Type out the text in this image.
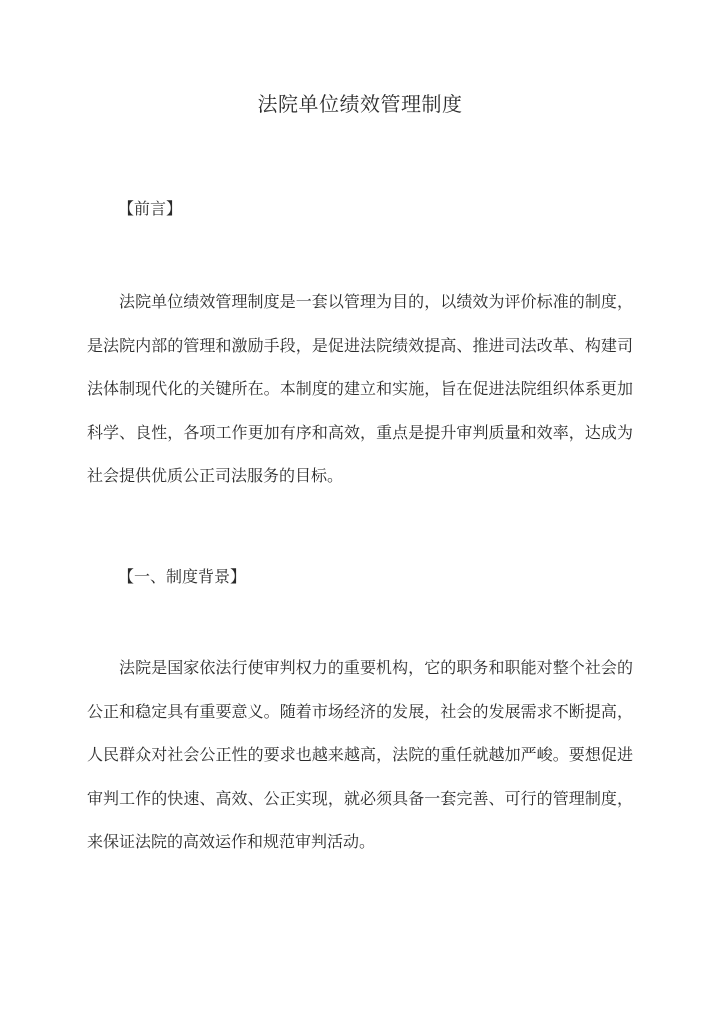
法院单位绩效管理制度
【前言】
法院单位绩效管理制度是一套以管理为目的，以绩效为评价标准的制度，是法院内部的管理和激励手段，是促进法院绩效提高、推进司法改革、构建司法体制现代化的关键所在。本制度的建立和实施，旨在促进法院组织体系更加科学、良性，各项工作更加有序和高效，重点是提升审判质量和效率，达成为社会提供优质公正司法服务的目标。
【一、制度背景】
法院是国家依法行使审判权力的重要机构，它的职务和职能对整个社会的公正和稳定具有重要意义。随着市场经济的发展，社会的发展需求不断提高，人民群众对社会公正性的要求也越来越高，法院的重任就越加严峻。要想促进审判工作的快速、高效、公正实现，就必须具备一套完善、可行的管理制度，来保证法院的高效运作和规范审判活动。
